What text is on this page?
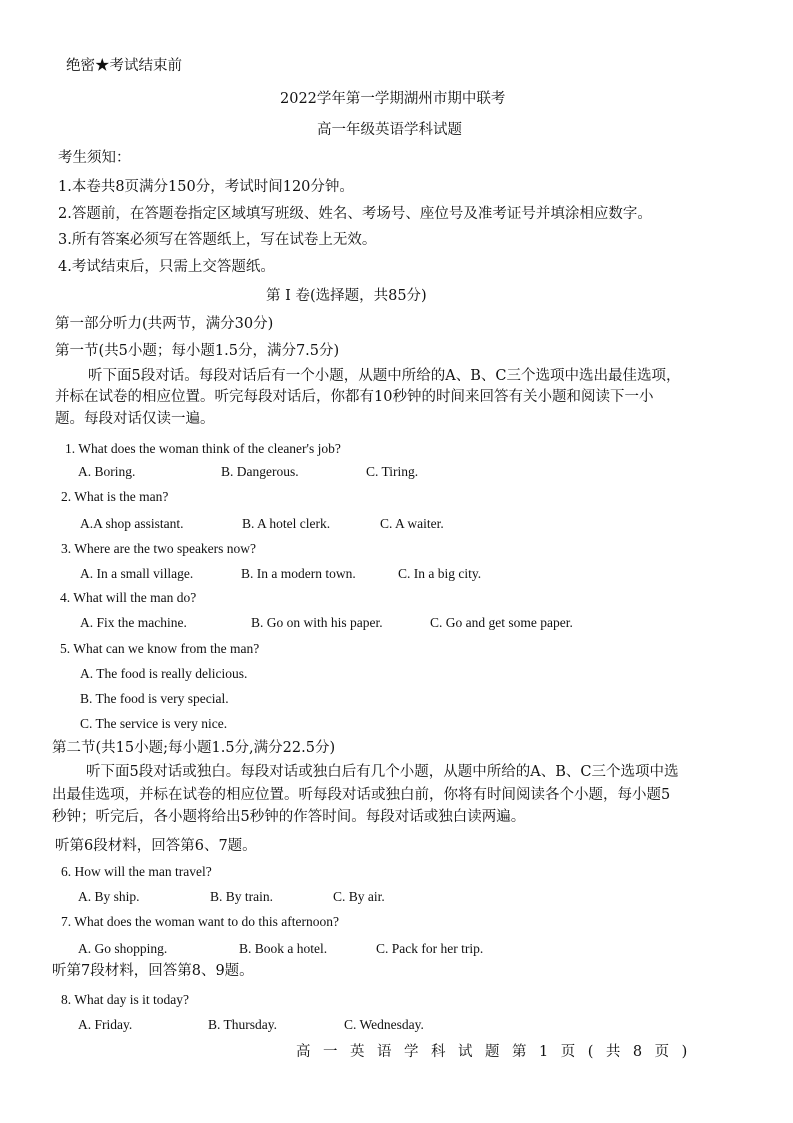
绝密★考试结束前
2022学年第一学期湖州市期中联考
高一年级英语学科试题
考生须知：
1.本卷共8页满分150分，考试时间120分钟。
2.答题前，在答题卷指定区域填写班级、姓名、考场号、座位号及准考证号并填涂相应数字。
3.所有答案必须写在答题纸上，写在试卷上无效。
4.考试结束后，只需上交答题纸。
第 I 卷(选择题，共85分)
第一部分听力(共两节，满分30分)
第一节(共5小题；每小题1.5分，满分7.5分)
听下面5段对话。每段对话后有一个小题，从题中所给的A、B、C三个选项中选出最佳选项，
并标在试卷的相应位置。听完每段对话后，你都有10秒钟的时间来回答有关小题和阅读下一小
题。每段对话仅读一遍。
1. What does the woman think of the cleaner's job?
A. Boring.	B. Dangerous.	C. Tiring.
2. What is the man?
A.A shop assistant.	B. A hotel clerk.	C. A waiter.
3. Where are the two speakers now?
A. In a small village.	B. In a modern town.	C. In a big city.
4. What will the man do?
A. Fix the machine.	B. Go on with his paper.	C. Go and get some paper.
5. What can we know from the man?
A. The food is really delicious.
B. The food is very special.
C. The service is very nice.
第二节(共15小题;每小题1.5分,满分22.5分)
听下面5段对话或独白。每段对话或独白后有几个小题，从题中所给的A、B、C三个选项中选
出最佳选项，并标在试卷的相应位置。听每段对话或独白前，你将有时间阅读各个小题，每小题5
秒钟；听完后，各小题将给出5秒钟的作答时间。每段对话或独白读两遍。
听第6段材料，回答第6、7题。
6. How will the man travel?
A. By ship.	B. By train.	C. By air.
7. What does the woman want to do this afternoon?
A. Go shopping.	B. Book a hotel.	C. Pack for her trip.
听第7段材料，回答第8、9题。
8. What day is it today?
A. Friday.	B. Thursday.	C. Wednesday.
高一英语学科试题第1页(共8页)
